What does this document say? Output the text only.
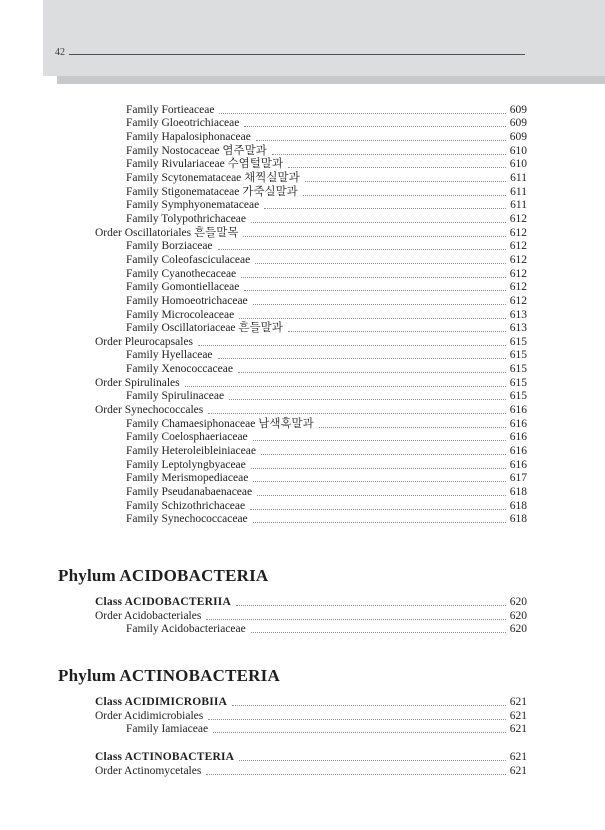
42
Family Fortieaceae	609
Family Gloeotrichiaceae	609
Family Hapalosiphonaceae	609
Family Nostocaceae 염주말과	610
Family Rivulariaceae 수염털말과	610
Family Scytonemataceae 채찍실말과	611
Family Stigonemataceae 가죽실말과	611
Family Symphyonemataceae	611
Family Tolypothrichaceae	612
Order Oscillatoriales 흔들말목	612
Family Borziaceae	612
Family Coleofasciculaceae	612
Family Cyanothecaceae	612
Family Gomontiellaceae	612
Family Homoeotrichaceae	612
Family Microcoleaceae	613
Family Oscillatoriaceae 흔들말과	613
Order Pleurocapsales	615
Family Hyellaceae	615
Family Xenococcaceae	615
Order Spirulinales	615
Family Spirulinaceae	615
Order Synechococcales	616
Family Chamaesiphonaceae 남색혹말과	616
Family Coelosphaeriaceae	616
Family Heteroleibleiniaceae	616
Family Leptolyngbyaceae	616
Family Merismopediaceae	617
Family Pseudanabaenaceae	618
Family Schizothrichaceae	618
Family Synechococcaceae	618
Phylum ACIDOBACTERIA
Class ACIDOBACTERIIA	620
Order Acidobacteriales	620
Family Acidobacteriaceae	620
Phylum ACTINOBACTERIA
Class ACIDIMICROBIIA	621
Order Acidimicrobiales	621
Family Iamiaceae	621
Class ACTINOBACTERIA	621
Order Actinomycetales	621
